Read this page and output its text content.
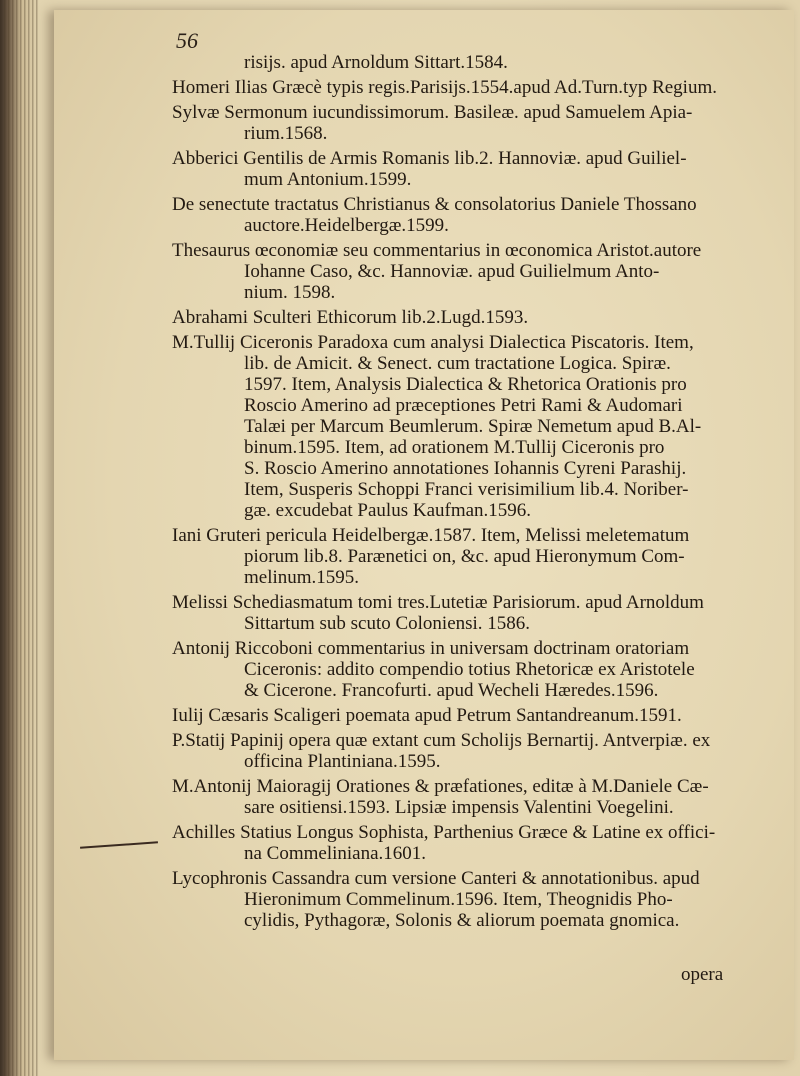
56

risijs. apud Arnoldum Sittart.1584.

Homeri Ilias Græcè typis regis.Parisijs.1554.apud Ad.Turn.typ Regium.

Sylvæ Sermonum iucundissimorum. Basileæ. apud Samuelem Apia-

rium.1568.

Abberici Gentilis de Armis Romanis lib.2. Hannoviæ. apud Guiliel-

mum Antonium.1599.

De senectute tractatus Christianus & consolatorius Daniele Thossano

auctore.Heidelbergæ.1599.

Thesaurus œconomiæ seu commentarius in œconomica Aristot.autore

Iohanne Caso, &c. Hannoviæ. apud Guilielmum Anto-

nium. 1598.

Abrahami Sculteri Ethicorum lib.2.Lugd.1593.

M.Tullij Ciceronis Paradoxa cum analysi Dialectica Piscatoris. Item,

lib. de Amicit. & Senect. cum tractatione Logica. Spiræ.

1597. Item, Analysis Dialectica & Rhetorica Orationis pro

Roscio Amerino ad præceptiones Petri Rami & Audomari

Talæi per Marcum Beumlerum. Spiræ Nemetum apud B.Al-

binum.1595. Item, ad orationem M.Tullij Ciceronis pro

S. Roscio Amerino annotationes Iohannis Cyreni Parashij.

Item, Susperis Schoppi Franci verisimilium lib.4. Noriber-

gæ. excudebat Paulus Kaufman.1596.

Iani Gruteri pericula Heidelbergæ.1587. Item, Melissi meletematum

piorum lib.8. Parænetici on, &c. apud Hieronymum Com-

melinum.1595.

Melissi Schediasmatum tomi tres.Lutetiæ Parisiorum. apud Arnoldum

Sittartum sub scuto Coloniensi. 1586.

Antonij Riccoboni commentarius in universam doctrinam oratoriam

Ciceronis: addito compendio totius Rhetoricæ ex Aristotele

& Cicerone. Francofurti. apud Wecheli Hæredes.1596.

Iulij Cæsaris Scaligeri poemata apud Petrum Santandreanum.1591.

P.Statij Papinij opera quæ extant cum Scholijs Bernartij. Antverpiæ. ex

officina Plantiniana.1595.

M.Antonij Maioragij Orationes & præfationes, editæ à M.Daniele Cæ-

sare ositiensi.1593. Lipsiæ impensis Valentini Voegelini.

Achilles Statius Longus Sophista, Parthenius Græce & Latine ex offici-

na Commeliniana.1601.

Lycophronis Cassandra cum versione Canteri & annotationibus. apud

Hieronimum Commelinum.1596. Item, Theognidis Pho-

cylidis, Pythagoræ, Solonis & aliorum poemata gnomica.

opera
